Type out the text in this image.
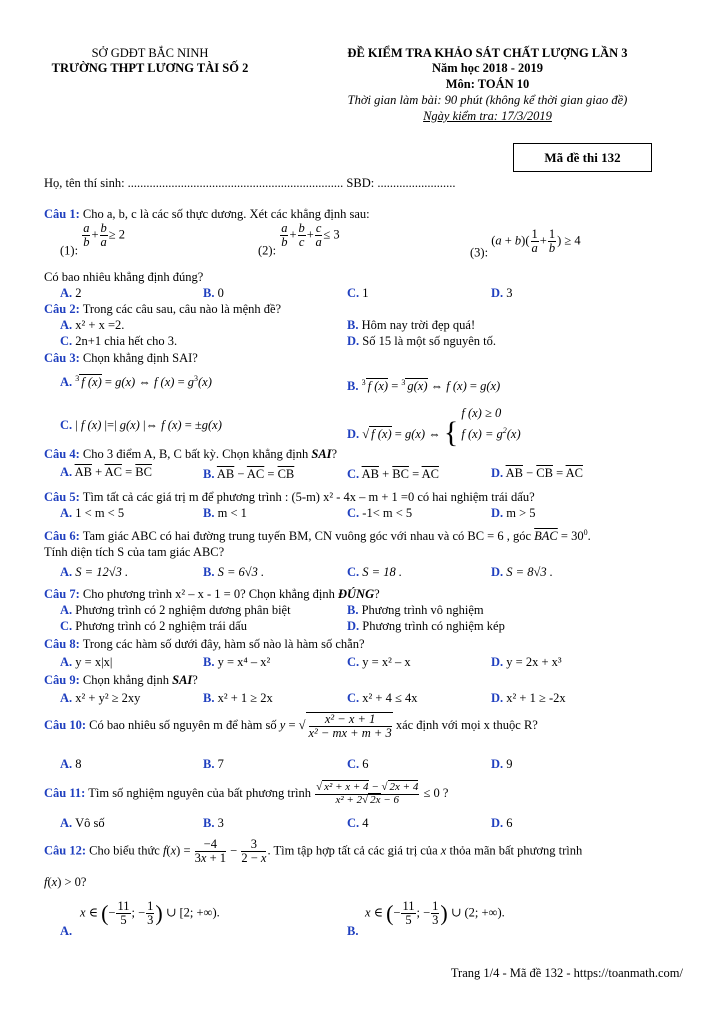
SỞ GDĐT BẮC NINH
TRƯỜNG THPT LƯƠNG TÀI SỐ 2
ĐỀ KIỂM TRA KHẢO SÁT CHẤT LƯỢNG LẦN 3
Năm học 2018 - 2019
Môn: TOÁN 10
Thời gian làm bài: 90 phút (không kể thời gian giao đề)
Ngày kiểm tra: 17/3/2019
Mã đề thi 132
Họ, tên thí sinh: ..................................................................... SBD: .........................
Câu 1: Cho a, b, c là các số thực dương. Xét các khẳng định sau:
(1):
$\frac{a}{b} + \frac{b}{a} \ge 2$
(2):
$\frac{a}{b} + \frac{b}{c} + \frac{c}{a} \le 3$
(3): $(a + b)( \frac{1}{a} + \frac{1}{b}$ ) ≥ 4
Có bao nhiêu khẳng định đúng?
A. 2	B. 0	C. 1	D. 3
Câu 2: Trong các câu sau, câu nào là mệnh đề?
A. x² + x =2.	B. Hôm nay trời đẹp quá!
C. 2n+1 chia hết cho 3.	D. Số 15 là một số nguyên tố.
Câu 3: Chọn khẳng định SAI?
A. $^3$ f (x) = g(x) ⇔ f $(x) = g^3(x)$	B. $^3$ f (x) = $^3$ g(x) ⇔ f (x) = g(x)
C. | f (x) |=| g(x) |⇔ f (x) = ±g(x)
D. √ f (x) = g(x) ⇔ { f (x) ≥ 0
f $(x) = g^2(x)$
Câu 4: Cho 3 điểm A, B, C bất kỳ. Chọn khẳng định SAI?
A. $\overline{AB} + \overline{AC} = \overline{BC}$	B. $\overline{AB} - \overline{AC} = \overline{CB}$	C. $\overline{AB} + \overline{BC} = \overline{AC}$	D. $\overline{AB} - \overline{CB} = \overline{AC}$
Câu 5: Tìm tất cả các giá trị m để phương trình : (5-m) x² - 4x – m + 1 =0 có hai nghiệm trái dấu?
A. 1 < m < 5	B. m < 1	C. -1< m < 5	D. m > 5
Câu 6: Tam giác ABC có hai đường trung tuyến BM, CN vuông góc với nhau và có BC = 6 , góc $\overline{BAC} = 30^0$.
Tính diện tích S của tam giác ABC?
A. S = 12√3 .	B. S = 6√3 .	C. S = 18 .	D. S = 8√3 .
Câu 7: Cho phương trình x² – x - 1 = 0? Chọn khẳng định ĐÚNG?
A. Phương trình có 2 nghiệm dương phân biệt	B. Phương trình vô nghiệm
C. Phương trình có 2 nghiệm trái dấu	D. Phương trình có nghiệm kép
Câu 8: Trong các hàm số dưới đây, hàm số nào là hàm số chẵn?
A. y = x|x|	B. y = x⁴ – x²	C. y = x² – x	D. y = 2x + x³
Câu 9: Chọn khẳng định SAI?
A. x² + y² ≥ 2xy	B. x² + 1 ≥ 2x	C. x² + 4 ≤ 4x	D. x² + 1 ≥ -2x
Câu 10: Có bao nhiêu số nguyên m để hàm số y = √ $\frac{\text{x² − x + 1}}{\text{x² − mx + m + 3}}$ xác định với mọi x thuộc R?
A. 8	B. 7	C. 6	D. 9
Câu 11: Tìm số nghiệm nguyên của bất phương trình $\frac{\text{√ x² + x + 4 − √ 2x + 4}}{\text{x² + 2√ 2x − 6}} \le 0$ ?
A. Vô số	B. 3	C. 4	D. 6
Câu 12: Cho biểu thức $f(x) = \frac{-4}{3x + 1} - \frac{3}{2 - x}$ . Tìm tập hợp tất cả các giá trị của x thỏa mãn bất phương trình
f(x) > 0?
x ∈ (− $\frac{11}{5}$ ; − $\frac{1}{3}$ ) ∪ [2; +∞).
A.
x ∈ (− $\frac{11}{5}$ ; − $\frac{1}{3}$ ) ∪ (2; +∞).
B.
Trang 1/4 - Mã đề 132 - https://toanmath.com/
